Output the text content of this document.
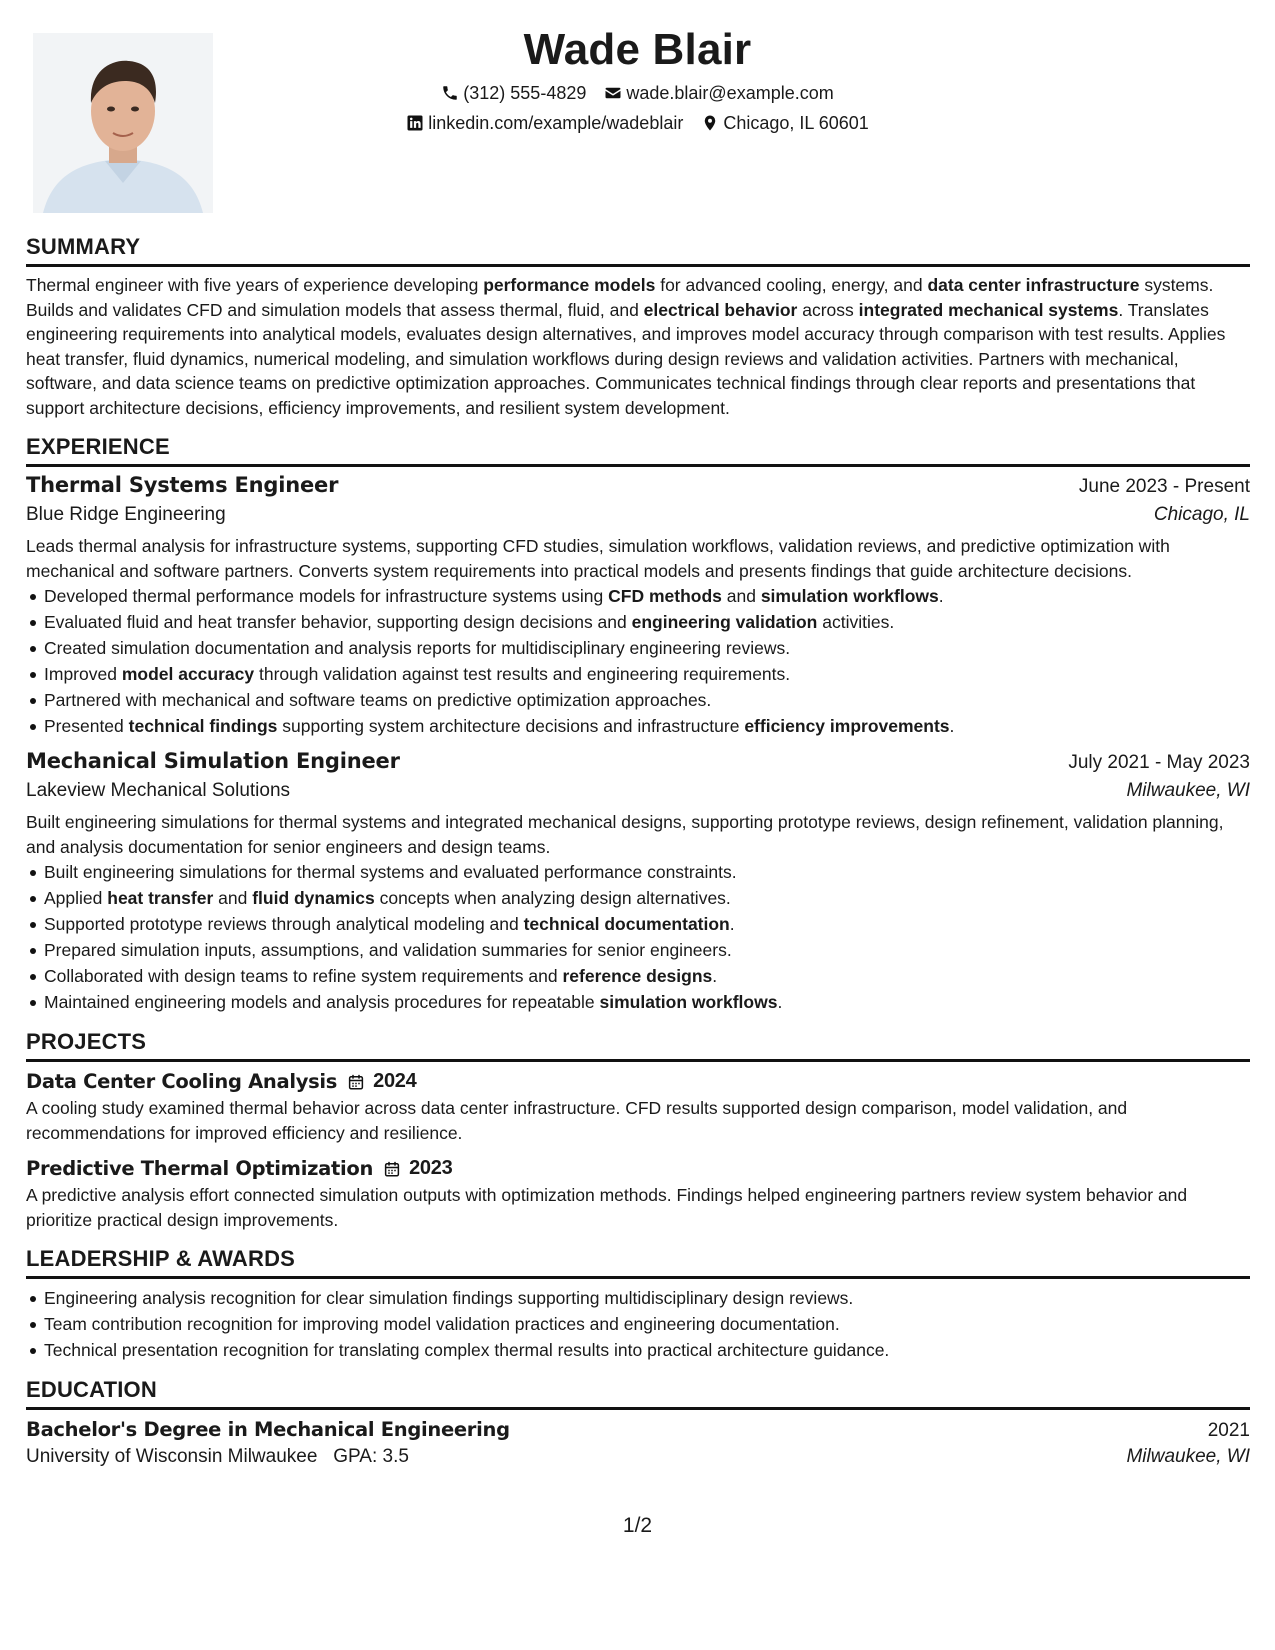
Wade Blair
(312) 555-4829 wade.blair@example.com
linkedin.com/example/wadeblair Chicago, IL 60601
SUMMARY

Thermal engineer with five years of experience developing performance models for advanced cooling, energy, and data center infrastructure systems. Builds and validates CFD and simulation models that assess thermal, fluid, and electrical behavior across integrated mechanical systems. Translates engineering requirements into analytical models, evaluates design alternatives, and improves model accuracy through comparison with test results. Applies heat transfer, fluid dynamics, numerical modeling, and simulation workflows during design reviews and validation activities. Partners with mechanical, software, and data science teams on predictive optimization approaches. Communicates technical findings through clear reports and presentations that support architecture decisions, efficiency improvements, and resilient system development.

EXPERIENCE
Thermal Systems Engineer	June 2023 - Present
Blue Ridge Engineering	Chicago, IL

Leads thermal analysis for infrastructure systems, supporting CFD studies, simulation workflows, validation reviews, and predictive optimization with mechanical and software partners. Converts system requirements into practical models and presents findings that guide architecture decisions.

Developed thermal performance models for infrastructure systems using CFD methods and simulation workflows.
Evaluated fluid and heat transfer behavior, supporting design decisions and engineering validation activities.
Created simulation documentation and analysis reports for multidisciplinary engineering reviews.
Improved model accuracy through validation against test results and engineering requirements.
Partnered with mechanical and software teams on predictive optimization approaches.
Presented technical findings supporting system architecture decisions and infrastructure efficiency improvements.
Mechanical Simulation Engineer	July 2021 - May 2023
Lakeview Mechanical Solutions	Milwaukee, WI

Built engineering simulations for thermal systems and integrated mechanical designs, supporting prototype reviews, design refinement, validation planning, and analysis documentation for senior engineers and design teams.

Built engineering simulations for thermal systems and evaluated performance constraints.
Applied heat transfer and fluid dynamics concepts when analyzing design alternatives.
Supported prototype reviews through analytical modeling and technical documentation.
Prepared simulation inputs, assumptions, and validation summaries for senior engineers.
Collaborated with design teams to refine system requirements and reference designs.
Maintained engineering models and analysis procedures for repeatable simulation workflows.
PROJECTS
Data Center Cooling Analysis 2024

A cooling study examined thermal behavior across data center infrastructure. CFD results supported design comparison, model validation, and recommendations for improved efficiency and resilience.

Predictive Thermal Optimization 2023

A predictive analysis effort connected simulation outputs with optimization methods. Findings helped engineering partners review system behavior and prioritize practical design improvements.

LEADERSHIP & AWARDS
Engineering analysis recognition for clear simulation findings supporting multidisciplinary design reviews.
Team contribution recognition for improving model validation practices and engineering documentation.
Technical presentation recognition for translating complex thermal results into practical architecture guidance.
EDUCATION
Bachelor's Degree in Mechanical Engineering	2021
University of Wisconsin Milwaukee GPA: 3.5	Milwaukee, WI
1/2
